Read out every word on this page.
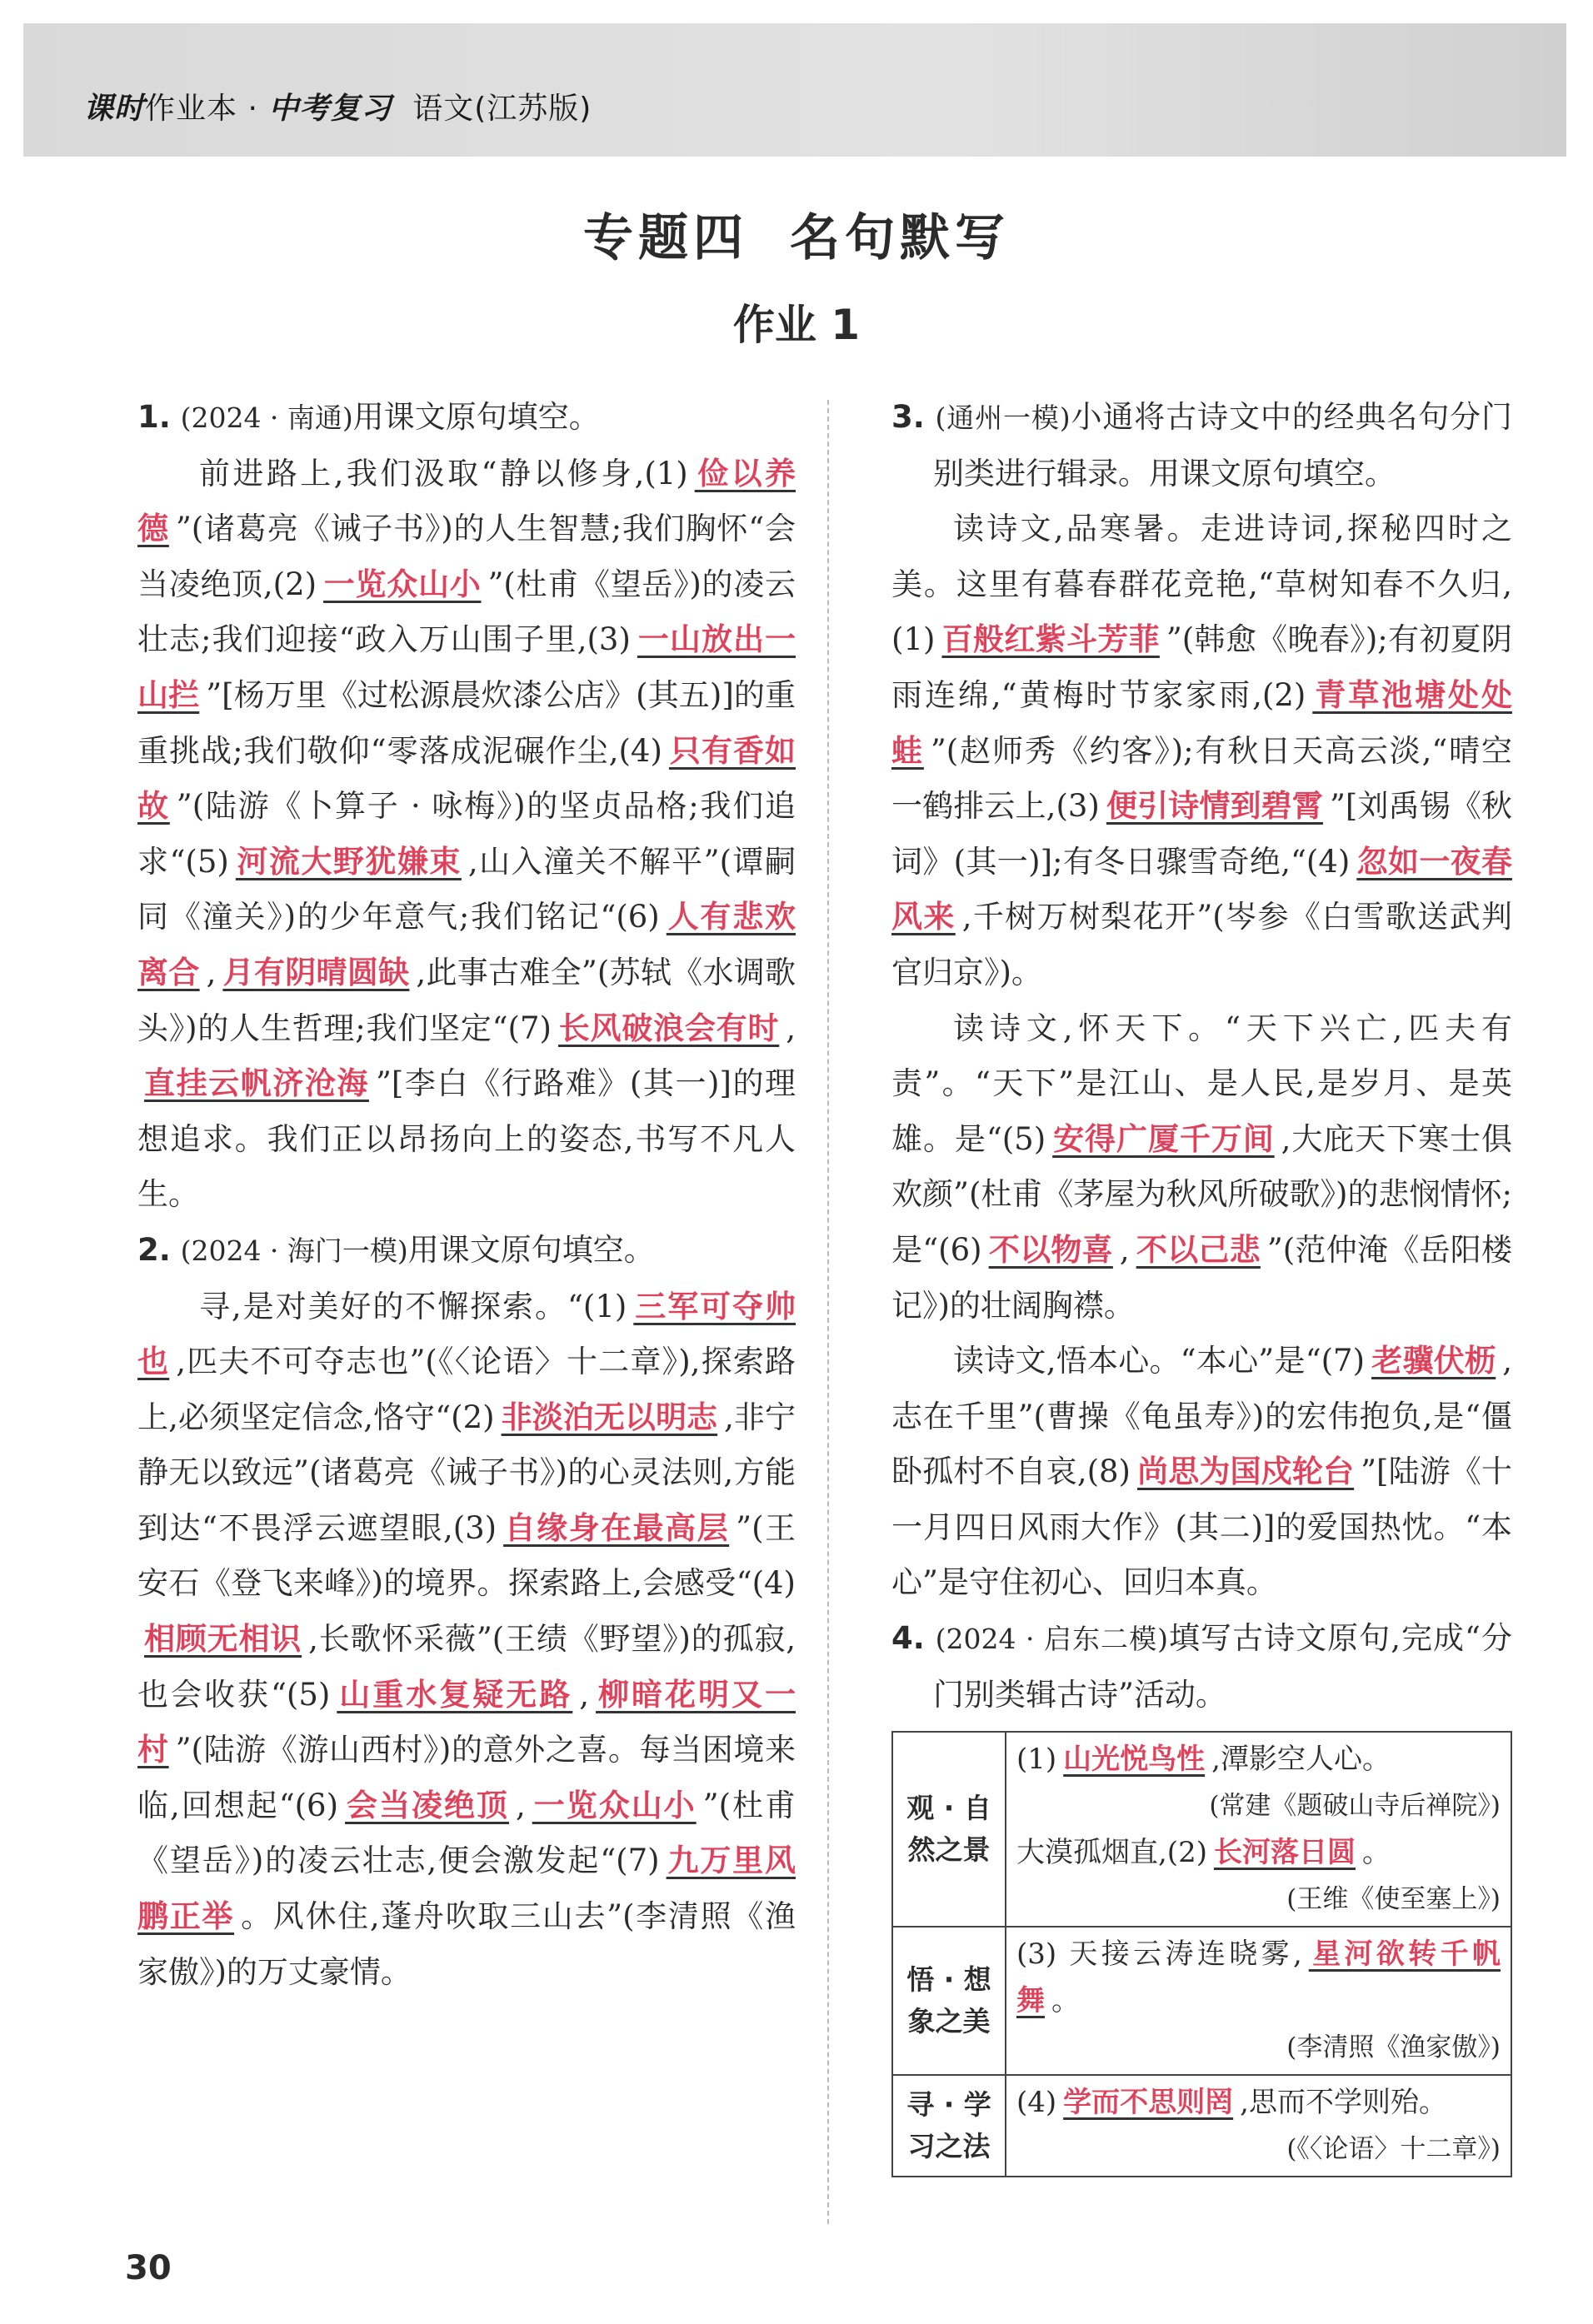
课时作业本 · 中考复习 语文(江苏版)
专题四 名句默写
作业 1
1. (2024 · 南通)用课文原句填空。
前进路上,我们汲取“静以修身,(1) 俭以养德 ”(诸葛亮《诫子书》)的人生智慧;我们胸怀“会当凌绝顶,(2) 一览众山小 ”(杜甫《望岳》)的凌云壮志;我们迎接“政入万山围子里,(3) 一山放出一山拦 ”[杨万里《过松源晨炊漆公店》(其五)]的重重挑战;我们敬仰“零落成泥碾作尘,(4) 只有香如故 ”(陆游《卜算子 · 咏梅》)的坚贞品格;我们追求“(5) 河流大野犹嫌束 ,山入潼关不解平”(谭嗣同《潼关》)的少年意气;我们铭记“(6) 人有悲欢离合 , 月有阴晴圆缺 ,此事古难全”(苏轼《水调歌头》)的人生哲理;我们坚定“(7) 长风破浪会有时 ,直挂云帆济沧海 ”[李白《行路难》(其一)]的理想追求。我们正以昂扬向上的姿态,书写不凡人生。
2. (2024 · 海门一模)用课文原句填空。
寻,是对美好的不懈探索。“(1) 三军可夺帅也 ,匹夫不可夺志也”(《〈论语〉十二章》),探索路上,必须坚定信念,恪守“(2) 非淡泊无以明志 ,非宁静无以致远”(诸葛亮《诫子书》)的心灵法则,方能到达“不畏浮云遮望眼,(3) 自缘身在最高层 ”(王安石《登飞来峰》)的境界。探索路上,会感受“(4)相顾无相识 ,长歌怀采薇”(王绩《野望》)的孤寂,也会收获“(5) 山重水复疑无路 , 柳暗花明又一村 ”(陆游《游山西村》)的意外之喜。每当困境来临,回想起“(6) 会当凌绝顶 , 一览众山小 ”(杜甫《望岳》)的凌云壮志,便会激发起“(7) 九万里风鹏正举 。风休住,蓬舟吹取三山去”(李清照《渔家傲》)的万丈豪情。
3. (通州一模)小通将古诗文中的经典名句分门别类进行辑录。用课文原句填空。
读诗文,品寒暑。走进诗词,探秘四时之美。这里有暮春群花竞艳,“草树知春不久归,(1) 百般红紫斗芳菲 ”(韩愈《晚春》);有初夏阴雨连绵,“黄梅时节家家雨,(2) 青草池塘处处蛙 ”(赵师秀《约客》);有秋日天高云淡,“晴空一鹤排云上,(3) 便引诗情到碧霄 ”[刘禹锡《秋词》(其一)];有冬日骤雪奇绝,“(4) 忽如一夜春风来 ,千树万树梨花开”(岑参《白雪歌送武判官归京》)。
读诗文,怀天下。“天下兴亡,匹夫有责”。“天下”是江山、是人民,是岁月、是英雄。是“(5) 安得广厦千万间 ,大庇天下寒士俱欢颜”(杜甫《茅屋为秋风所破歌》)的悲悯情怀;是“(6) 不以物喜 , 不以己悲 ”(范仲淹《岳阳楼记》)的壮阔胸襟。
读诗文,悟本心。“本心”是“(7) 老骥伏枥 ,志在千里”(曹操《龟虽寿》)的宏伟抱负,是“僵卧孤村不自哀,(8) 尚思为国戍轮台 ”[陆游《十一月四日风雨大作》(其二)]的爱国热忱。“本心”是守住初心、回归本真。
4. (2024 · 启东二模)填写古诗文原句,完成“分门别类辑古诗”活动。
观 · 自然之景	(1) 山光悦鸟性 ,潭影空人心。
(常建《题破山寺后禅院》)
大漠孤烟直,(2) 长河落日圆 。
(王维《使至塞上》)

悟 · 想象之美	(3) 天接云涛连晓雾, 星河欲转千帆舞 。
(李清照《渔家傲》)

寻 · 学习之法	(4) 学而不思则罔 ,思而不学则殆。
(《〈论语〉十二章》)
30
